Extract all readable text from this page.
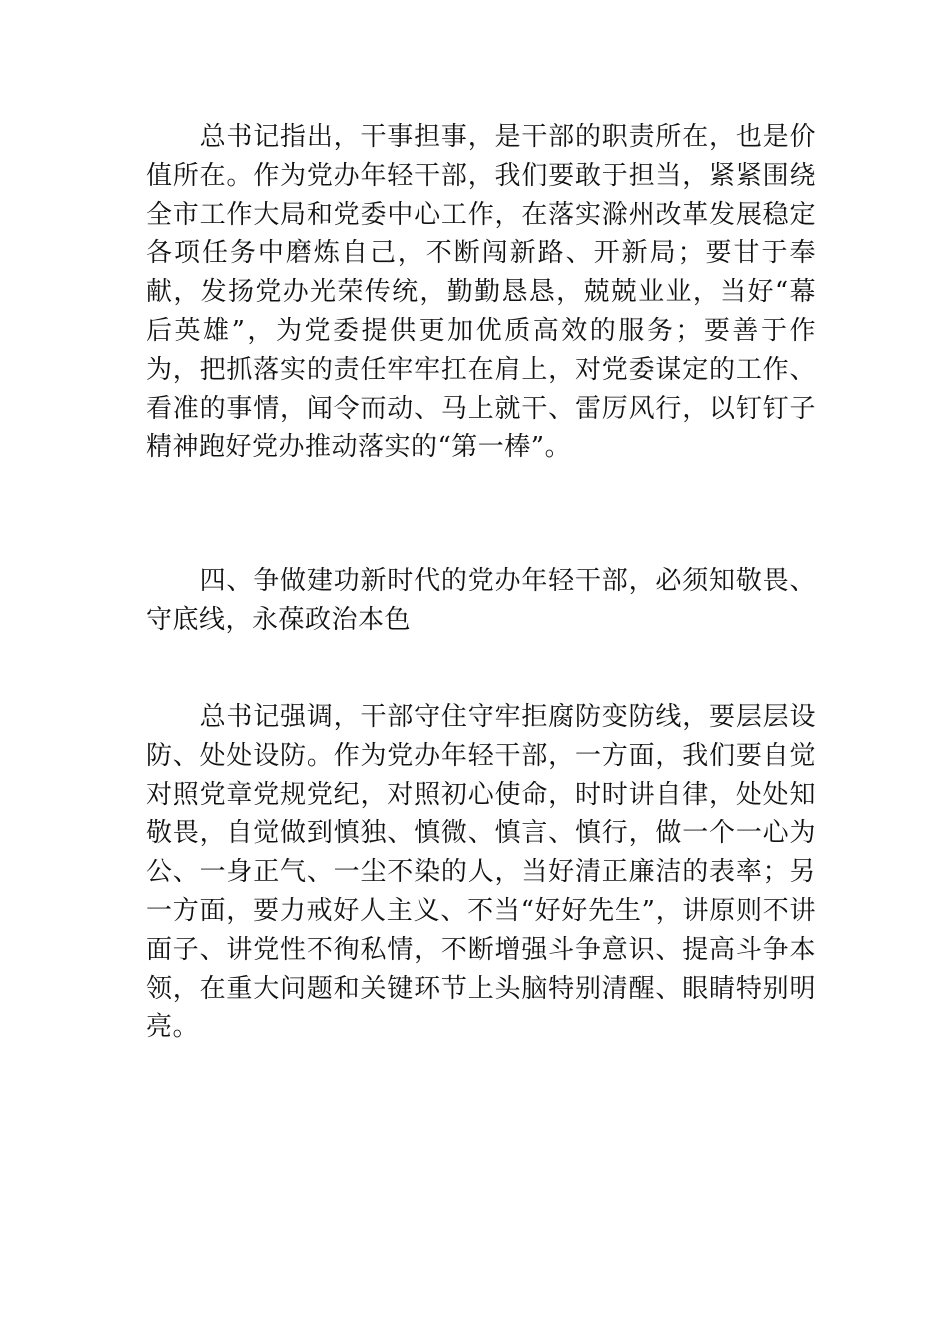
　　总书记指出，干事担事，是干部的职责所在，也是价值所在。作为党办年轻干部，我们要敢于担当，紧紧围绕全市工作大局和党委中心工作，在落实滁州改革发展稳定各项任务中磨炼自己，不断闯新路、开新局；要甘于奉献，发扬党办光荣传统，勤勤恳恳，兢兢业业，当好“幕后英雄”，为党委提供更加优质高效的服务；要善于作为，把抓落实的责任牢牢扛在肩上，对党委谋定的工作、看准的事情，闻令而动、马上就干、雷厉风行，以钉钉子精神跑好党办推动落实的“第一棒”。

　　四、争做建功新时代的党办年轻干部，必须知敬畏、守底线，永葆政治本色

　　总书记强调，干部守住守牢拒腐防变防线，要层层设防、处处设防。作为党办年轻干部，一方面，我们要自觉对照党章党规党纪，对照初心使命，时时讲自律，处处知敬畏，自觉做到慎独、慎微、慎言、慎行，做一个一心为公、一身正气、一尘不染的人，当好清正廉洁的表率；另一方面，要力戒好人主义、不当“好好先生”，讲原则不讲面子、讲党性不徇私情，不断增强斗争意识、提高斗争本领，在重大问题和关键环节上头脑特别清醒、眼睛特别明亮。
